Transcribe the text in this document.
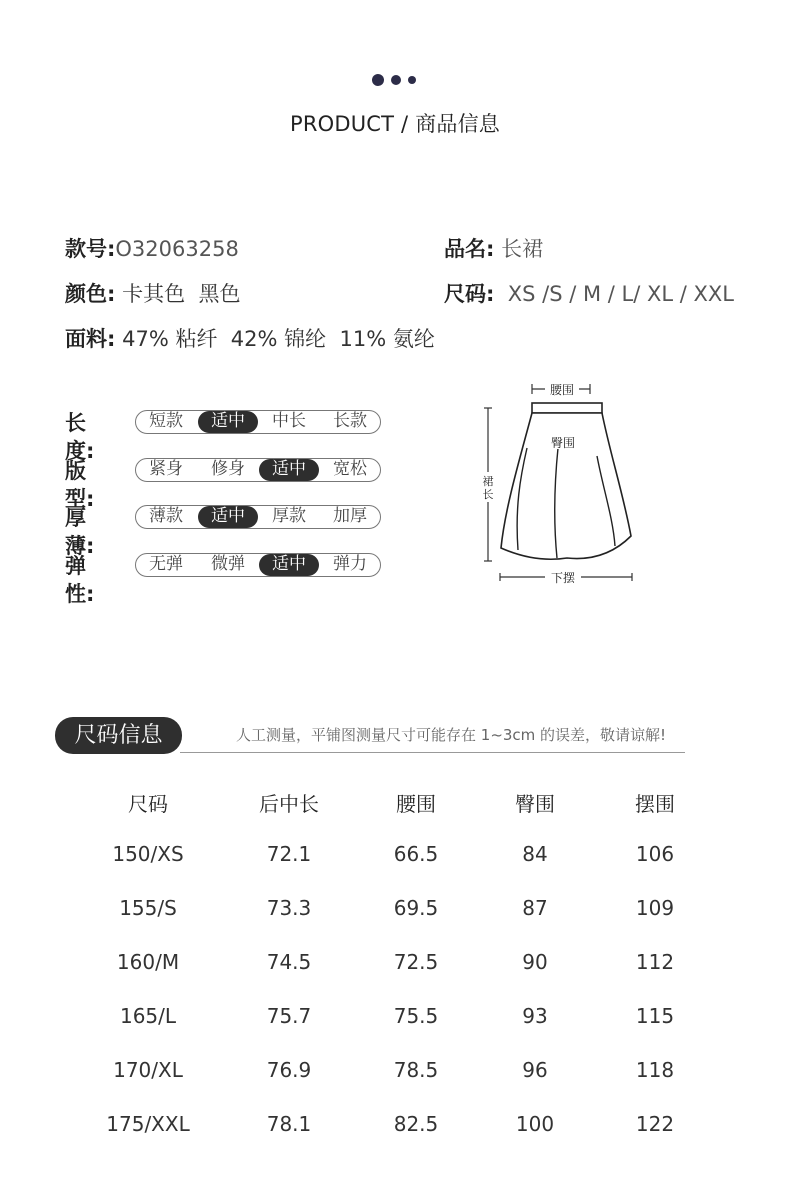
PRODUCT / 商品信息
款号:O32063258	品名: 长裙
颜色: 卡其色  黑色	尺码: XS /S / M / L/ XL / XXL
面料: 47% 粘纤  42% 锦纶  11% 氨纶
长度:
短款	适中	中长	长款
版型:
紧身	修身	适中	宽松
厚薄:
薄款	适中	厚款	加厚
弹性:
无弹	微弹	适中	弹力
腰围
臀围
裙
长
下摆
尺码信息	人工测量，平铺图测量尺寸可能存在 1~3cm 的误差，敬请谅解!
尺码	后中长	腰围	臀围	摆围
150/XS	72.1	66.5	84	106
155/S	73.3	69.5	87	109
160/M	74.5	72.5	90	112
165/L	75.7	75.5	93	115
170/XL	76.9	78.5	96	118
175/XXL	78.1	82.5	100	122
